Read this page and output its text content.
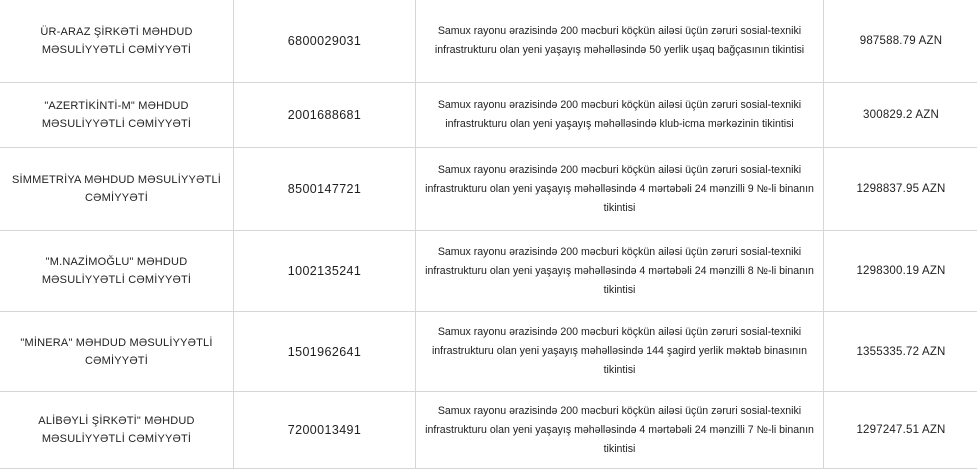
ÜR-ARAZ ŞİRKƏTİ MƏHDUD MƏSULİYYƏTLİ CƏMİYYƏTİ	6800029031	Samux rayonu ərazisində 200 məcburi köçkün ailəsi üçün zəruri sosial-texniki infrastrukturu olan yeni yaşayış məhəlləsində 50 yerlik uşaq bağçasının tikintisi	987588.79 AZN
"AZERTİKİNTİ-M" MƏHDUD MƏSULİYYƏTLİ CƏMİYYƏTİ	2001688681	Samux rayonu ərazisində 200 məcburi köçkün ailəsi üçün zəruri sosial-texniki infrastrukturu olan yeni yaşayış məhəlləsində klub-icma mərkəzinin tikintisi	300829.2 AZN
SİMMETRİYA MƏHDUD MƏSULİYYƏTLİ CƏMİYYƏTİ	8500147721	Samux rayonu ərazisində 200 məcburi köçkün ailəsi üçün zəruri sosial-texniki infrastrukturu olan yeni yaşayış məhəlləsində 4 mərtəbəli 24 mənzilli 9 №-li binanın tikintisi	1298837.95 AZN
"M.NAZİMOĞLU" MƏHDUD MƏSULİYYƏTLİ CƏMİYYƏTİ	1002135241	Samux rayonu ərazisində 200 məcburi köçkün ailəsi üçün zəruri sosial-texniki infrastrukturu olan yeni yaşayış məhəlləsində 4 mərtəbəli 24 mənzilli 8 №-li binanın tikintisi	1298300.19 AZN
"MİNERA" MƏHDUD MƏSULİYYƏTLİ CƏMİYYƏTİ	1501962641	Samux rayonu ərazisində 200 məcburi köçkün ailəsi üçün zəruri sosial-texniki infrastrukturu olan yeni yaşayış məhəlləsində 144 şagird yerlik məktəb binasının tikintisi	1355335.72 AZN
ALİBƏYLİ ŞİRKƏTİ" MƏHDUD MƏSULİYYƏTLİ CƏMİYYƏTİ	7200013491	Samux rayonu ərazisində 200 məcburi köçkün ailəsi üçün zəruri sosial-texniki infrastrukturu olan yeni yaşayış məhəlləsində 4 mərtəbəli 24 mənzilli 7 №-li binanın tikintisi	1297247.51 AZN
